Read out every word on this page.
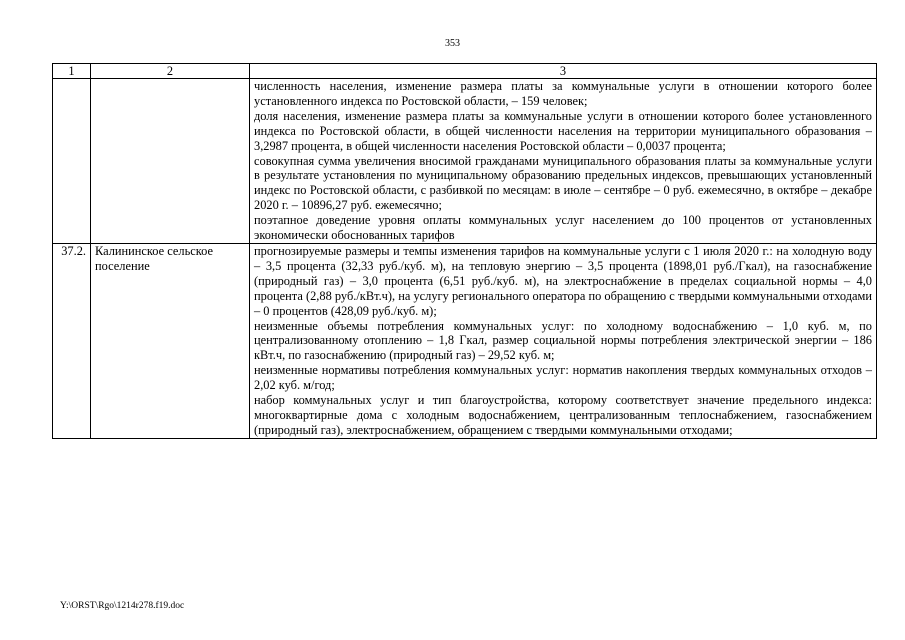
353
1	2	3

		численность населения, изменение размера платы за коммунальные услуги в отношении которого более установленного индекса по Ростовской области, – 159 человек;

доля населения, изменение размера платы за коммунальные услуги в отношении которого более установленного индекса по Ростовской области, в общей численности населения на территории муниципального образования – 3,2987 процента, в общей численности населения Ростовской области – 0,0037 процента;

совокупная сумма увеличения вносимой гражданами муниципального образования платы за коммунальные услуги в результате установления по муниципальному образованию предельных индексов, превышающих установленный индекс по Ростовской области, с разбивкой по месяцам: в июле – сентябре – 0 руб. ежемесячно, в октябре – декабре 2020 г. – 10896,27 руб. ежемесячно;

поэтапное доведение уровня оплаты коммунальных услуг населением до 100 процентов от установленных экономически обоснованных тарифов

37.2.	Калининское сельское поселение	прогнозируемые размеры и темпы изменения тарифов на коммунальные услуги с 1 июля 2020 г.: на холодную воду – 3,5 процента (32,33 руб./куб. м), на тепловую энергию – 3,5 процента (1898,01 руб./Гкал), на газоснабжение (природный газ) – 3,0 процента (6,51 руб./куб. м), на электроснабжение в пределах социальной нормы – 4,0 процента (2,88 руб./кВт.ч), на услугу регионального оператора по обращению с твердыми коммунальными отходами – 0 процентов (428,09 руб./куб. м);

неизменные объемы потребления коммунальных услуг: по холодному водоснабжению – 1,0 куб. м, по централизованному отоплению – 1,8 Гкал, размер социальной нормы потребления электрической энергии – 186 кВт.ч, по газоснабжению (природный газ) – 29,52 куб. м;

неизменные нормативы потребления коммунальных услуг: норматив накопления твердых коммунальных отходов – 2,02 куб. м/год;

набор коммунальных услуг и тип благоустройства, которому соответствует значение предельного индекса: многоквартирные дома с холодным водоснабжением, централизованным теплоснабжением, газоснабжением (природный газ), электроснабжением, обращением с твердыми коммунальными отходами;

Y:\ORST\Rgo\1214r278.f19.doc
